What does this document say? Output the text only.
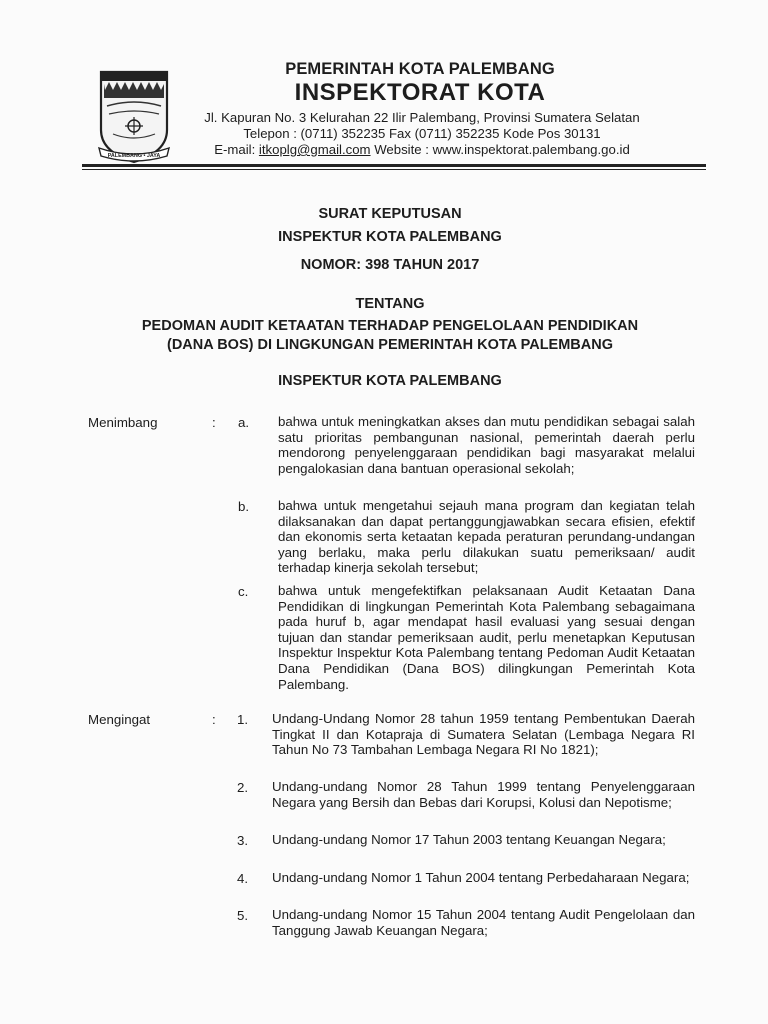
PALEMBANG • JAYA
PEMERINTAH KOTA PALEMBANG
INSPEKTORAT KOTA
Jl. Kapuran No. 3 Kelurahan 22 Ilir Palembang, Provinsi Sumatera Selatan
Telepon : (0711) 352235 Fax (0711) 352235 Kode Pos 30131
E-mail: itkoplg@gmail.com Website : www.inspektorat.palembang.go.id
SURAT KEPUTUSAN
INSPEKTUR KOTA PALEMBANG
NOMOR: 398 TAHUN 2017
TENTANG
PEDOMAN AUDIT KETAATAN TERHADAP PENGELOLAAN PENDIDIKAN
(DANA BOS) DI LINGKUNGAN PEMERINTAH KOTA PALEMBANG
INSPEKTUR KOTA PALEMBANG
Menimbang	: a. bahwa untuk meningkatkan akses dan mutu pendidikan sebagai salah satu prioritas pembangunan nasional, pemerintah daerah perlu mendorong penyelenggaraan pendidikan bagi masyarakat melalui pengalokasian dana bantuan operasional sekolah;
b. bahwa untuk mengetahui sejauh mana program dan kegiatan telah dilaksanakan dan dapat pertanggungjawabkan secara efisien, efektif dan ekonomis serta ketaatan kepada peraturan perundang-undangan yang berlaku, maka perlu dilakukan suatu pemeriksaan/ audit terhadap kinerja sekolah tersebut;
c. bahwa untuk mengefektifkan pelaksanaan Audit Ketaatan Dana Pendidikan di lingkungan Pemerintah Kota Palembang sebagaimana pada huruf b, agar mendapat hasil evaluasi yang sesuai dengan tujuan dan standar pemeriksaan audit, perlu menetapkan Keputusan Inspektur Inspektur Kota Palembang tentang Pedoman Audit Ketaatan Dana Pendidikan (Dana BOS) dilingkungan Pemerintah Kota Palembang.
Mengingat	: 1. Undang-Undang Nomor 28 tahun 1959 tentang Pembentukan Daerah Tingkat II dan Kotapraja di Sumatera Selatan (Lembaga Negara RI Tahun No 73 Tambahan Lembaga Negara RI No 1821);
2. Undang-undang Nomor 28 Tahun 1999 tentang Penyelenggaraan Negara yang Bersih dan Bebas dari Korupsi, Kolusi dan Nepotisme;
3. Undang-undang Nomor 17 Tahun 2003 tentang Keuangan Negara;
4. Undang-undang Nomor 1 Tahun 2004 tentang Perbedaharaan Negara;
5. Undang-undang Nomor 15 Tahun 2004 tentang Audit Pengelolaan dan Tanggung Jawab Keuangan Negara;
